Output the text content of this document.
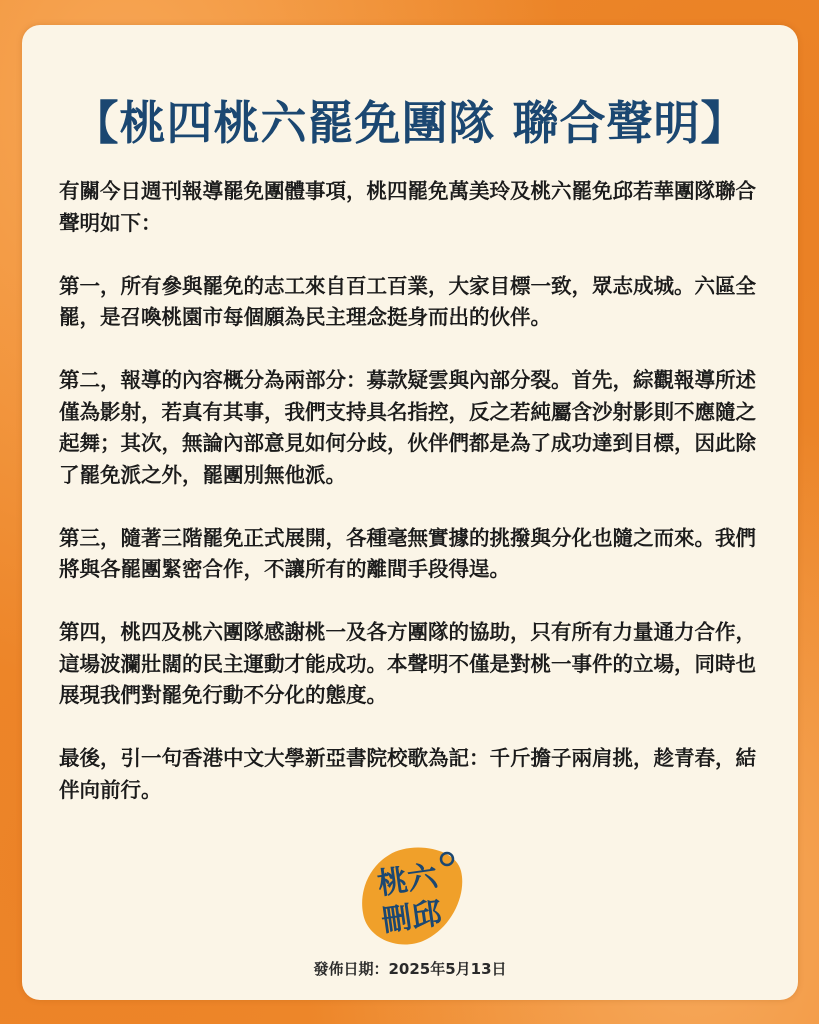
【桃四桃六罷免團隊 聯合聲明】

有關今日週刊報導罷免團體事項，桃四罷免萬美玲及桃六罷免邱若華團隊聯合聲明如下：

第一，所有參與罷免的志工來自百工百業，大家目標一致，眾志成城。六區全罷，是召喚桃園市每個願為民主理念挺身而出的伙伴。

第二，報導的內容概分為兩部分：募款疑雲與內部分裂。首先，綜觀報導所述僅為影射，若真有其事，我們支持具名指控，反之若純屬含沙射影則不應隨之起舞；其次，無論內部意見如何分歧，伙伴們都是為了成功達到目標，因此除了罷免派之外，罷團別無他派。

第三，隨著三階罷免正式展開，各種毫無實據的挑撥與分化也隨之而來。我們將與各罷團緊密合作，不讓所有的離間手段得逞。

第四，桃四及桃六團隊感謝桃一及各方團隊的協助，只有所有力量通力合作，這場波瀾壯闊的民主運動才能成功。本聲明不僅是對桃一事件的立場，同時也展現我們對罷免行動不分化的態度。

最後，引一句香港中文大學新亞書院校歌為記：千斤擔子兩肩挑，趁青春，結伴向前行。

桃六
刪邱
發佈日期：2025年5月13日
